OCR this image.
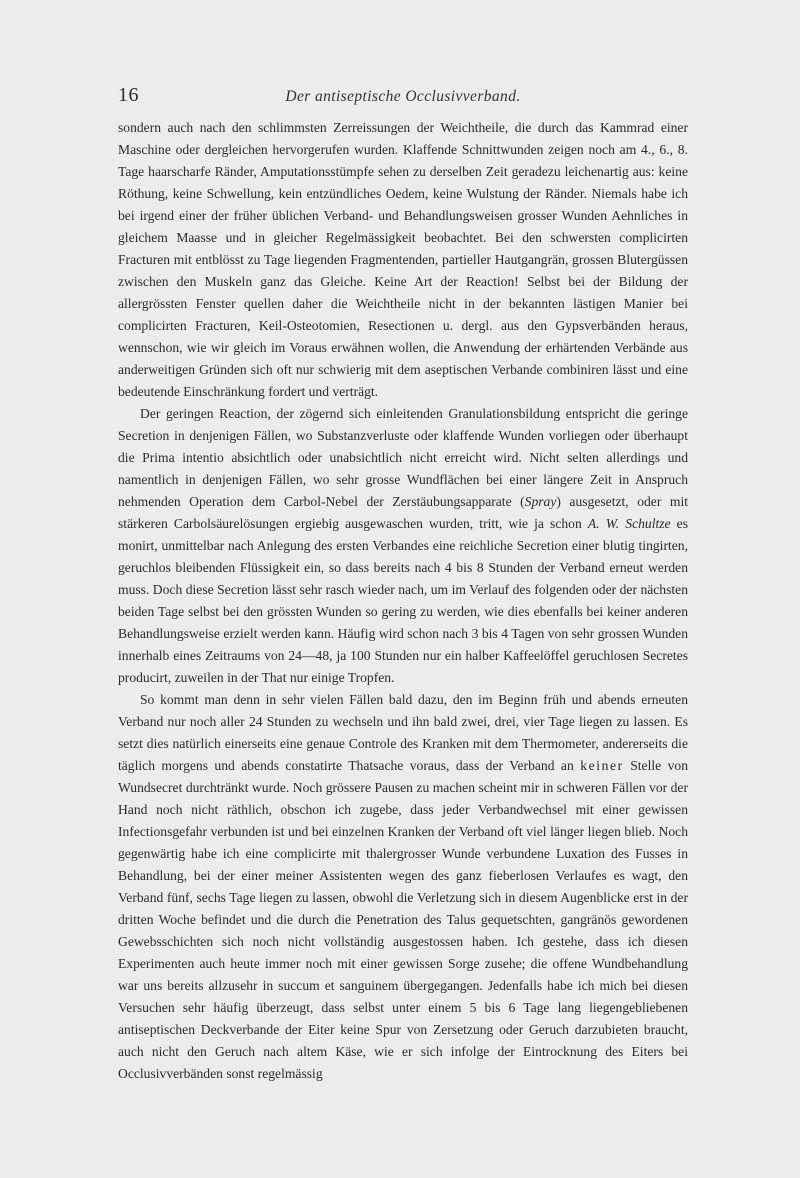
16	Der antiseptische Occlusivverband.

sondern auch nach den schlimmsten Zerreissungen der Weichtheile, die durch das Kammrad einer Maschine oder dergleichen hervorgerufen wurden. Klaffende Schnittwunden zeigen noch am 4., 6., 8. Tage haarscharfe Ränder, Amputationsstümpfe sehen zu derselben Zeit geradezu leichenartig aus: keine Röthung, keine Schwellung, kein entzündliches Oedem, keine Wulstung der Ränder. Niemals habe ich bei irgend einer der früher üblichen Verband- und Behandlungsweisen grosser Wunden Aehnliches in gleichem Maasse und in gleicher Regelmässigkeit beobachtet. Bei den schwersten complicirten Fracturen mit entblösst zu Tage liegenden Fragmentenden, partieller Hautgangrän, grossen Blutergüssen zwischen den Muskeln ganz das Gleiche. Keine Art der Reaction! Selbst bei der Bildung der allergrössten Fenster quellen daher die Weichtheile nicht in der bekannten lästigen Manier bei complicirten Fracturen, Keil-Osteotomien, Resectionen u. dergl. aus den Gypsverbänden heraus, wennschon, wie wir gleich im Voraus erwähnen wollen, die Anwendung der erhärtenden Verbände aus anderweitigen Gründen sich oft nur schwierig mit dem aseptischen Verbande combiniren lässt und eine bedeutende Einschränkung fordert und verträgt.

Der geringen Reaction, der zögernd sich einleitenden Granulationsbildung entspricht die geringe Secretion in denjenigen Fällen, wo Substanzverluste oder klaffende Wunden vorliegen oder überhaupt die Prima intentio absichtlich oder unabsichtlich nicht erreicht wird. Nicht selten allerdings und namentlich in denjenigen Fällen, wo sehr grosse Wundflächen bei einer längere Zeit in Anspruch nehmenden Operation dem Carbol-Nebel der Zerstäubungsapparate (Spray) ausgesetzt, oder mit stärkeren Carbolsäurelösungen ergiebig ausgewaschen wurden, tritt, wie ja schon A. W. Schultze es monirt, unmittelbar nach Anlegung des ersten Verbandes eine reichliche Secretion einer blutig tingirten, geruchlos bleibenden Flüssigkeit ein, so dass bereits nach 4 bis 8 Stunden der Verband erneut werden muss. Doch diese Secretion lässt sehr rasch wieder nach, um im Verlauf des folgenden oder der nächsten beiden Tage selbst bei den grössten Wunden so gering zu werden, wie dies ebenfalls bei keiner anderen Behandlungsweise erzielt werden kann. Häufig wird schon nach 3 bis 4 Tagen von sehr grossen Wunden innerhalb eines Zeitraums von 24—48, ja 100 Stunden nur ein halber Kaffeelöffel geruchlosen Secretes producirt, zuweilen in der That nur einige Tropfen.

So kommt man denn in sehr vielen Fällen bald dazu, den im Beginn früh und abends erneuten Verband nur noch aller 24 Stunden zu wechseln und ihn bald zwei, drei, vier Tage liegen zu lassen. Es setzt dies natürlich einerseits eine genaue Controle des Kranken mit dem Thermometer, andererseits die täglich morgens und abends constatirte Thatsache voraus, dass der Verband an keiner Stelle von Wundsecret durchtränkt wurde. Noch grössere Pausen zu machen scheint mir in schweren Fällen vor der Hand noch nicht räthlich, obschon ich zugebe, dass jeder Verbandwechsel mit einer gewissen Infectionsgefahr verbunden ist und bei einzelnen Kranken der Verband oft viel länger liegen blieb. Noch gegenwärtig habe ich eine complicirte mit thalergrosser Wunde verbundene Luxation des Fusses in Behandlung, bei der einer meiner Assistenten wegen des ganz fieberlosen Verlaufes es wagt, den Verband fünf, sechs Tage liegen zu lassen, obwohl die Verletzung sich in diesem Augenblicke erst in der dritten Woche befindet und die durch die Penetration des Talus gequetschten, gangränös gewordenen Gewebsschichten sich noch nicht vollständig ausgestossen haben. Ich gestehe, dass ich diesen Experimenten auch heute immer noch mit einer gewissen Sorge zusehe; die offene Wundbehandlung war uns bereits allzusehr in succum et sanguinem übergegangen. Jedenfalls habe ich mich bei diesen Versuchen sehr häufig überzeugt, dass selbst unter einem 5 bis 6 Tage lang liegengebliebenen antiseptischen Deckverbande der Eiter keine Spur von Zersetzung oder Geruch darzubieten braucht, auch nicht den Geruch nach altem Käse, wie er sich infolge der Eintrocknung des Eiters bei Occlusivverbänden sonst regelmässig
